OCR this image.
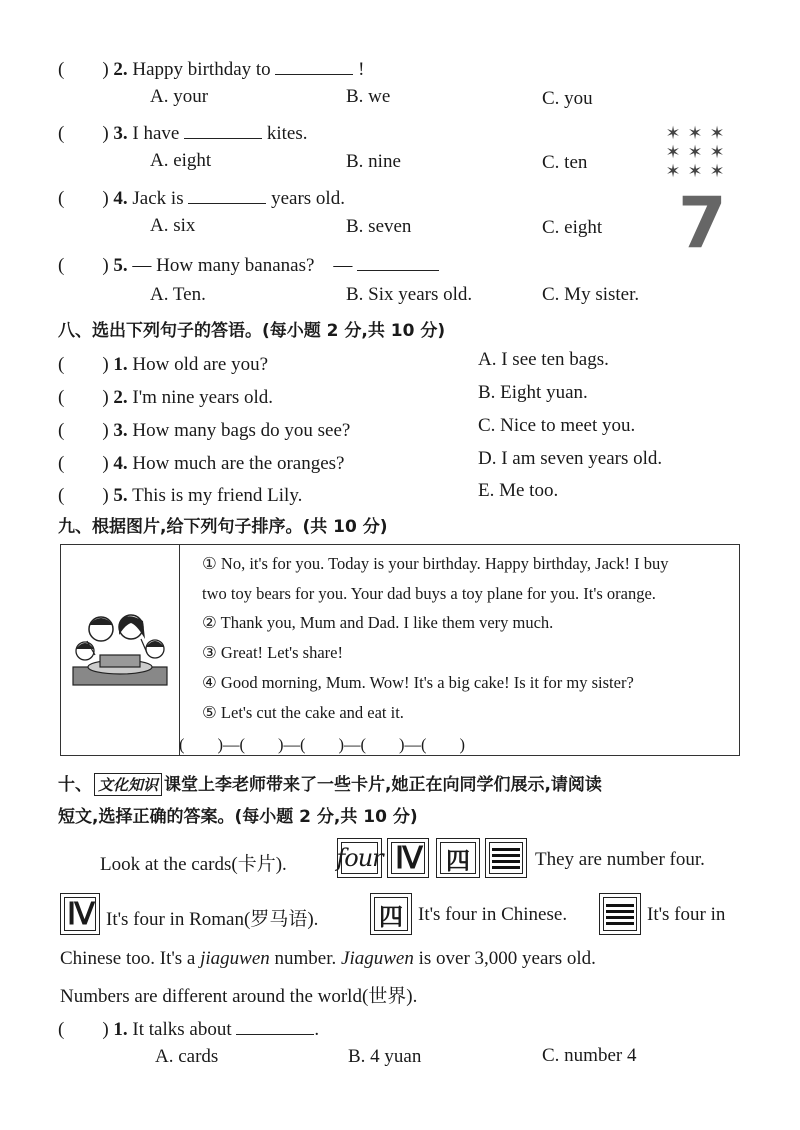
(　　) 2. Happy birthday to	!
A. your	B. we	C. you
(　　) 3. I have	kites.
A. eight	B. nine	C. ten
(　　) 4. Jack is	years old.
A. six	B. seven	C. eight
(　　) 5. — How many bananas?　—
A. Ten.	B. Six years old.	C. My sister.
✶ ✶ ✶ ✶ ✶ ✶ ✶ ✶ ✶
7
八、选出下列句子的答语。(每小题 2 分,共 10 分)
(　　) 1. How old are you?	A. I see ten bags.
(　　) 2. I'm nine years old.	B. Eight yuan.
(　　) 3. How many bags do you see?	C. Nice to meet you.
(　　) 4. How much are the oranges?	D. I am seven years old.
(　　) 5. This is my friend Lily.	E. Me too.
九、根据图片,给下列句子排序。(共 10 分)
① No, it's for you. Today is your birthday. Happy birthday, Jack! I buy
two toy bears for you. Your dad buys a toy plane for you. It's orange.
② Thank you, Mum and Dad. I like them very much.
③ Great! Let's share!
④ Good morning, Mum. Wow! It's a big cake! Is it for my sister?
⑤ Let's cut the cake and eat it.
(　　)—(　　)—(　　)—(　　)—(　　)
十、 文化知识 课堂上李老师带来了一些卡片,她正在向同学们展示,请阅读
短文,选择正确的答案。(每小题 2 分,共 10 分)
Look at the cards(卡片). four Ⅳ 四	They are number four.
Ⅳ It's four in Roman(罗马语).	四 It's four in Chinese.	It's four in
Chinese too. It's a jiaguwen number. Jiaguwen is over 3,000 years old.
Numbers are different around the world(世界).
(　　) 1. It talks about	.
A. cards	B. 4 yuan	C. number 4
